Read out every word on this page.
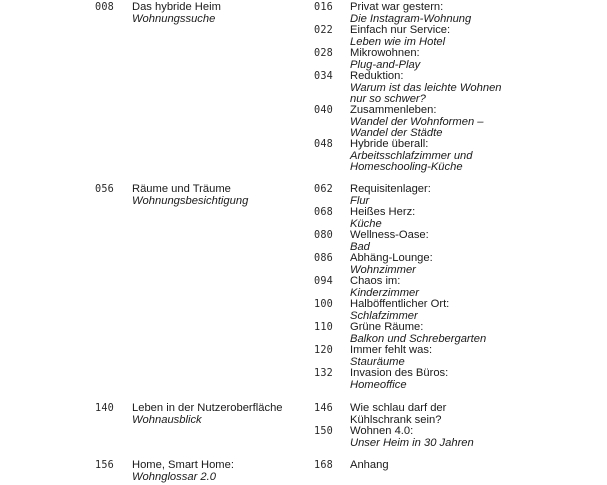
008 Das hybride Heim
Wohnungssuche
016 Privat war gestern:
Die Instagram-Wohnung
022 Einfach nur Service:
Leben wie im Hotel
028 Mikrowohnen:
Plug-and-Play
034 Reduktion:
Warum ist das leichte Wohnen
nur so schwer?
040 Zusammenleben:
Wandel der Wohnformen –
Wandel der Städte
048 Hybride überall:
Arbeitsschlafzimmer und
Homeschooling-Küche
056 Räume und Träume
Wohnungsbesichtigung
062 Requisitenlager:
Flur
068 Heißes Herz:
Küche
080 Wellness-Oase:
Bad
086 Abhäng-Lounge:
Wohnzimmer
094 Chaos im:
Kinderzimmer
100 Halböffentlicher Ort:
Schlafzimmer
110 Grüne Räume:
Balkon und Schrebergarten
120 Immer fehlt was:
Stauräume
132 Invasion des Büros:
Homeoffice
140 Leben in der Nutzeroberfläche
Wohnausblick
146 Wie schlau darf der
Kühlschrank sein?
150 Wohnen 4.0:
Unser Heim in 30 Jahren
156 Home, Smart Home:
Wohnglossar 2.0
168 Anhang
